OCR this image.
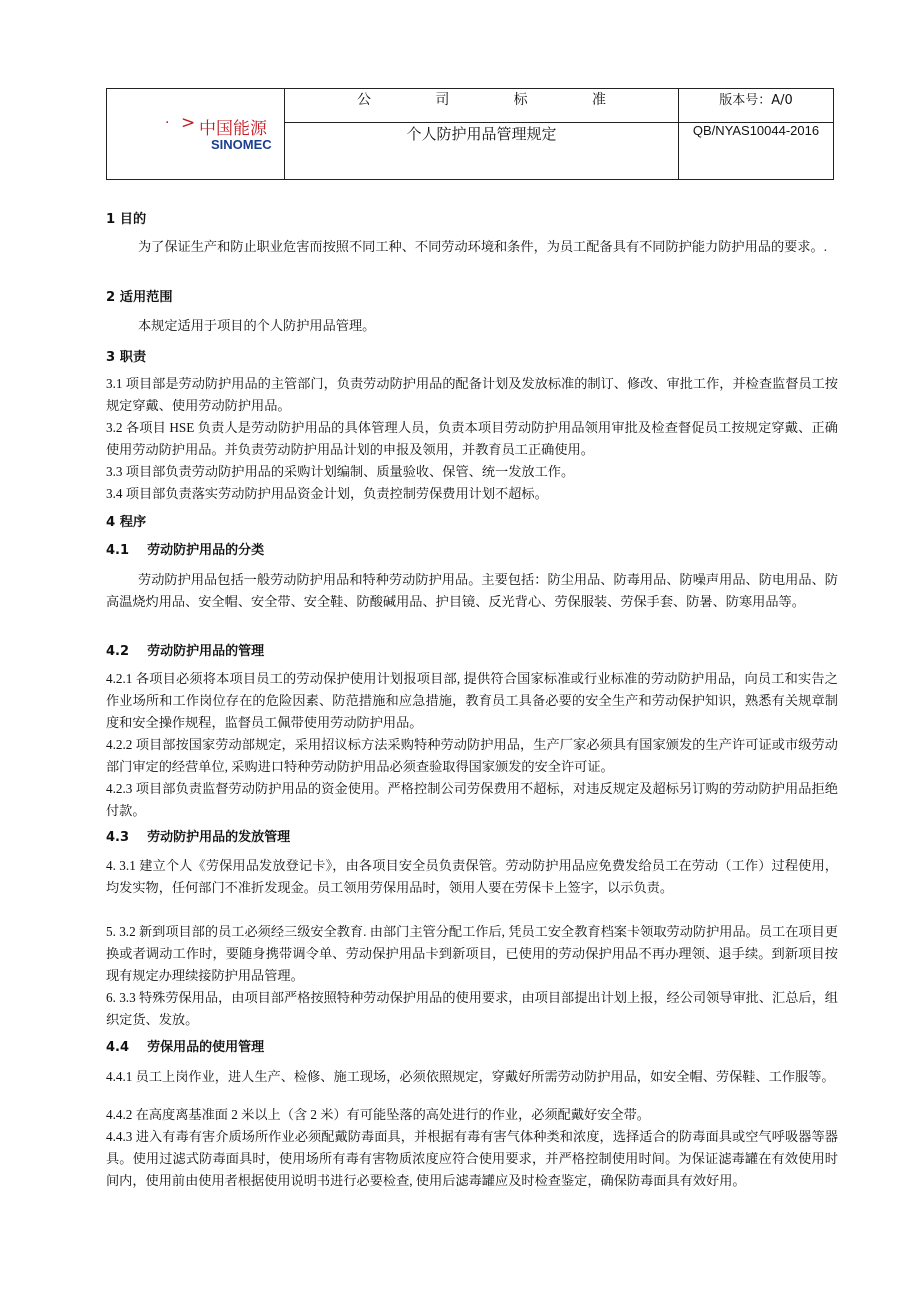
· > 中国能源
SINOMEC
公	司	标	准
个人防护用品管理规定
版本号：A/0
QB/NYAS10044-2016

1 目的

为了保证生产和防止职业危害而按照不同工种、不同劳动环境和条件，为员工配备具有不同防护能力防护用品的要求。.

2 适用范围

本规定适用于项目的个人防护用品管理。

3 职责

3.1 项目部是劳动防护用品的主管部门，负责劳动防护用品的配备计划及发放标准的制订、修改、审批工作，并检查监督员工按规定穿戴、使用劳动防护用品。

3.2 各项目 HSE 负责人是劳动防护用品的具体管理人员，负责本项目劳动防护用品领用审批及检查督促员工按规定穿戴、正确使用劳动防护用品。并负责劳动防护用品计划的申报及领用，并教育员工正确使用。

3.3 项目部负责劳动防护用品的采购计划编制、质量验收、保管、统一发放工作。

3.4 项目部负责落实劳动防护用品资金计划，负责控制劳保费用计划不超标。

4 程序

4.1    劳动防护用品的分类

劳动防护用品包括一般劳动防护用品和特种劳动防护用品。主要包括：防尘用品、防毒用品、防噪声用品、防电用品、防高温烧灼用品、安全帽、安全带、安全鞋、防酸碱用品、护目镜、反光背心、劳保服装、劳保手套、防暑、防寒用品等。

4.2    劳动防护用品的管理

4.2.1 各项目必须将本项目员工的劳动保护使用计划报项目部, 提供符合国家标准或行业标准的劳动防护用品，向员工和实告之作业场所和工作岗位存在的危险因素、防范措施和应急措施，教育员工具备必要的安全生产和劳动保护知识，熟悉有关规章制度和安全操作规程，监督员工佩带使用劳动防护用品。

4.2.2 项目部按国家劳动部规定，采用招议标方法采购特种劳动防护用品，生产厂家必须具有国家颁发的生产许可证或市级劳动部门审定的经营单位, 采购进口特种劳动防护用品必须查验取得国家颁发的安全许可证。

4.2.3 项目部负责监督劳动防护用品的资金使用。严格控制公司劳保费用不超标，对违反规定及超标另订购的劳动防护用品拒绝付款。

4.3    劳动防护用品的发放管理

4. 3.1 建立个人《劳保用品发放登记卡》，由各项目安全员负责保管。劳动防护用品应免费发给员工在劳动（工作）过程使用，均发实物，任何部门不准折发现金。员工领用劳保用品时，领用人要在劳保卡上签字，以示负责。

5. 3.2 新到项目部的员工必须经三级安全教育. 由部门主管分配工作后, 凭员工安全教育档案卡领取劳动防护用品。员工在项目更换或者调动工作时，要随身携带调令单、劳动保护用品卡到新项目，已使用的劳动保护用品不再办理领、退手续。到新项目按现有规定办理续接防护用品管理。

6. 3.3 特殊劳保用品，由项目部严格按照特种劳动保护用品的使用要求，由项目部提出计划上报，经公司领导审批、汇总后，组织定货、发放。

4.4    劳保用品的使用管理

4.4.1 员工上岗作业，进人生产、检修、施工现场，必须依照规定，穿戴好所需劳动防护用品，如安全帽、劳保鞋、工作服等。

4.4.2 在高度离基准面 2 米以上（含 2 米）有可能坠落的高处进行的作业，必须配戴好安全带。

4.4.3 进入有毒有害介质场所作业必须配戴防毒面具，并根据有毒有害气体种类和浓度，选择适合的防毒面具或空气呼吸器等器具。使用过滤式防毒面具时，使用场所有毒有害物质浓度应符合使用要求，并严格控制使用时间。为保证滤毒罐在有效使用时间内，使用前由使用者根据使用说明书进行必要检查, 使用后滤毒罐应及时检查鉴定，确保防毒面具有效好用。
